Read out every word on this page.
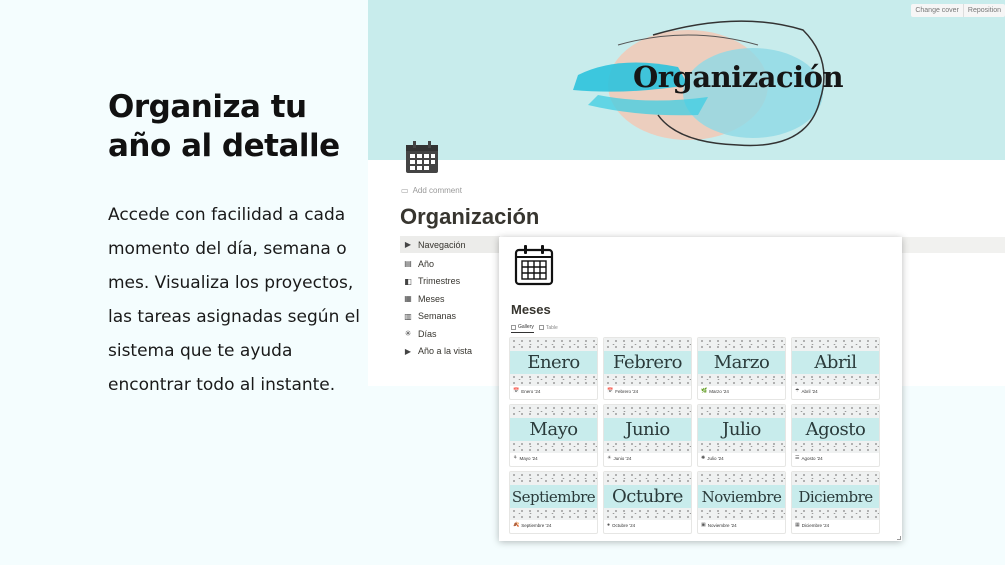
Organiza tu año al detalle
Accede con facilidad a cada momento del día, semana o mes. Visualiza los proyectos, las tareas asignadas según el sistema que te ayuda encontrar todo al instante.
Organización
Change cover	Reposition
▭ Add comment
Organización
▶ Navegación
▤ Año
◧ Trimestres
▦ Meses
▥ Semanas
✳ Días
▶ Año a la vista
Meses
Gallery Table
Enero
📅 Enero '24
Febrero
📅 Febrero '24
Marzo
🌿 Marzo '24
Abril
☂ Abril '24
Mayo
⚘ Mayo '24
Junio
☀ Junio '24
Julio
✺ Julio '24
Agosto
☰ Agosto '24
Septiembre
🍂 Septiembre '24
Octubre
● Octubre '24
Noviembre
▣ Noviembre '24
Diciembre
▦ Diciembre '24
